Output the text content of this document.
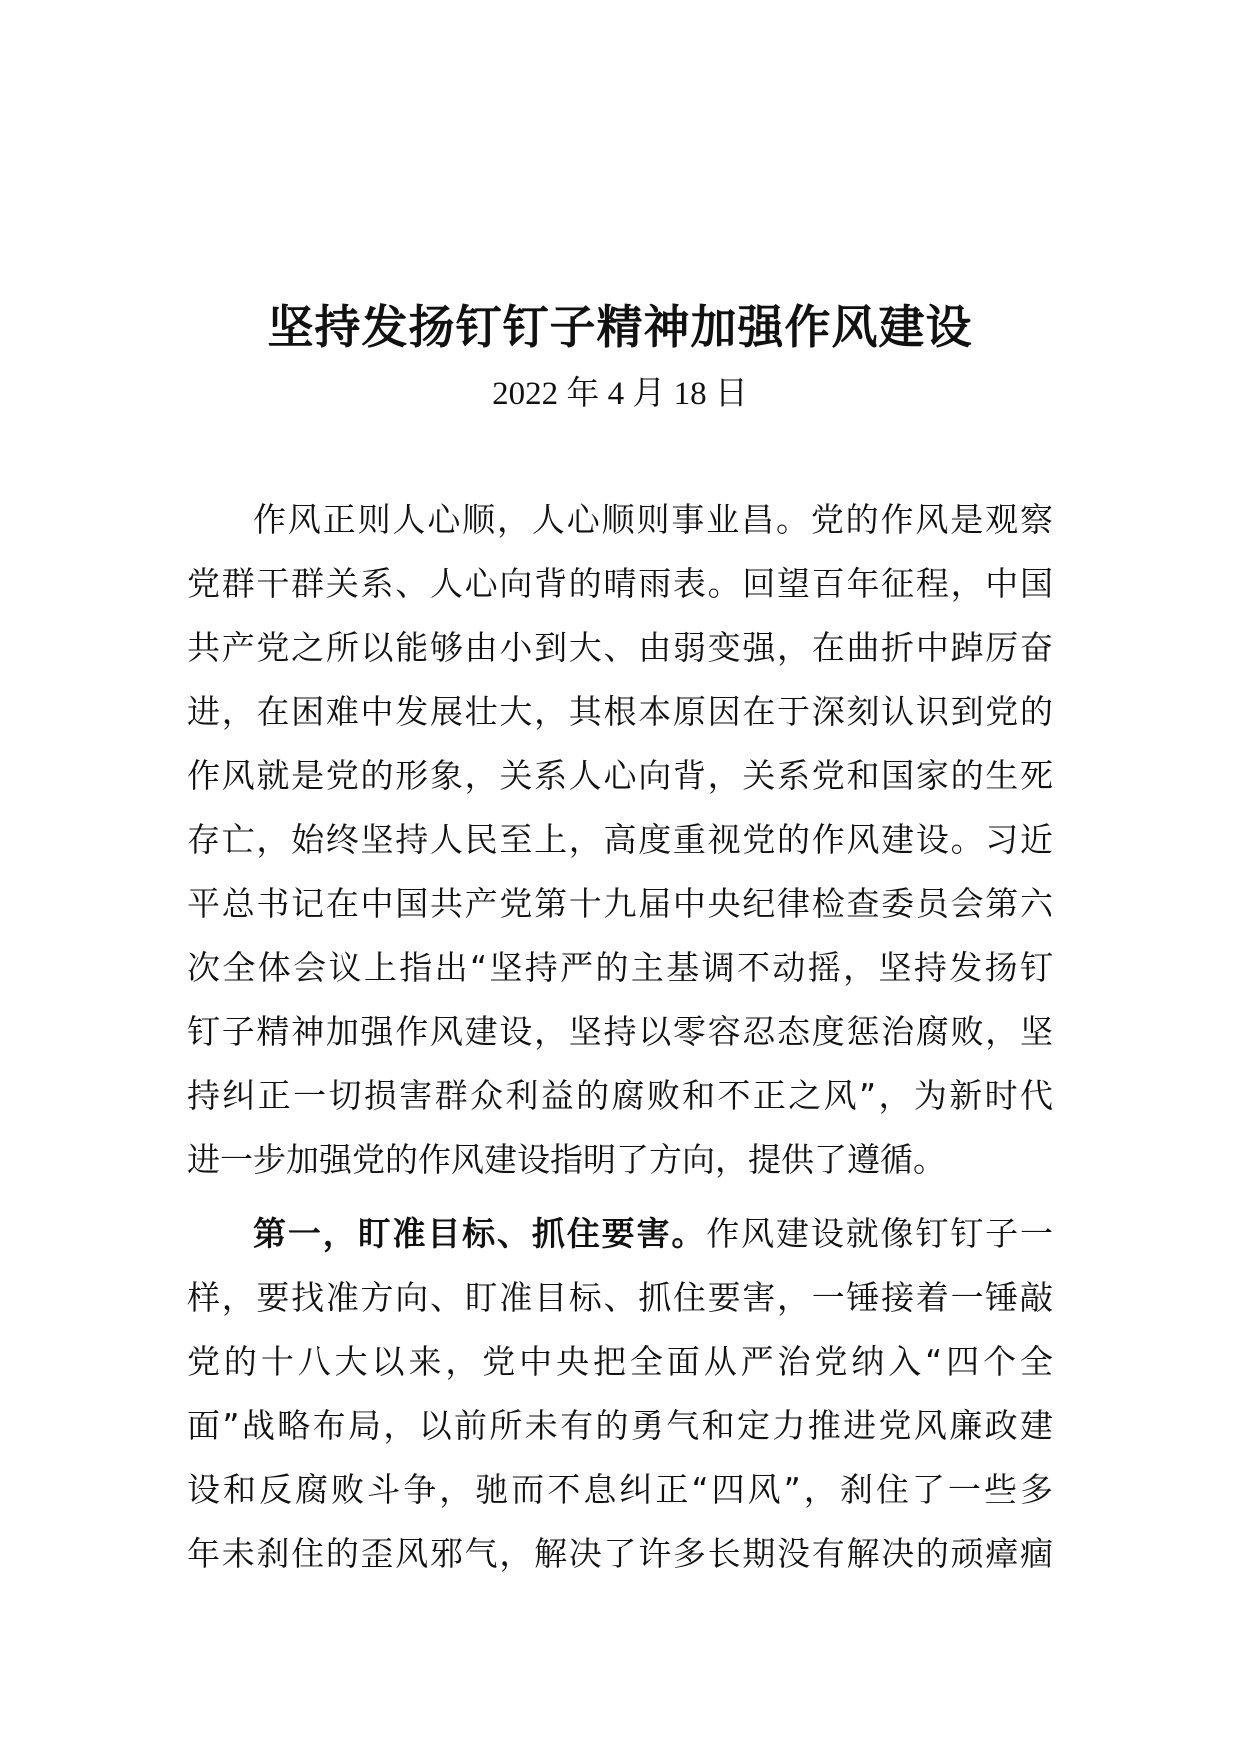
坚持发扬钉钉子精神加强作风建设
2022 年 4 月 18 日
作风正则人心顺，人心顺则事业昌。党的作风是观察
党群干群关系、人心向背的晴雨表。回望百年征程，中国
共产党之所以能够由小到大、由弱变强，在曲折中踔厉奋
进，在困难中发展壮大，其根本原因在于深刻认识到党的
作风就是党的形象，关系人心向背，关系党和国家的生死
存亡，始终坚持人民至上，高度重视党的作风建设。习近
平总书记在中国共产党第十九届中央纪律检查委员会第六
次全体会议上指出“坚持严的主基调不动摇，坚持发扬钉
钉子精神加强作风建设，坚持以零容忍态度惩治腐败，坚
持纠正一切损害群众利益的腐败和不正之风”，为新时代
进一步加强党的作风建设指明了方向，提供了遵循。
第一，盯准目标、抓住要害。作风建设就像钉钉子一
样，要找准方向、盯准目标、抓住要害，一锤接着一锤敲
党的十八大以来，党中央把全面从严治党纳入“四个全
面”战略布局，以前所未有的勇气和定力推进党风廉政建
设和反腐败斗争，驰而不息纠正“四风”，刹住了一些多
年未刹住的歪风邪气，解决了许多长期没有解决的顽瘴痼
